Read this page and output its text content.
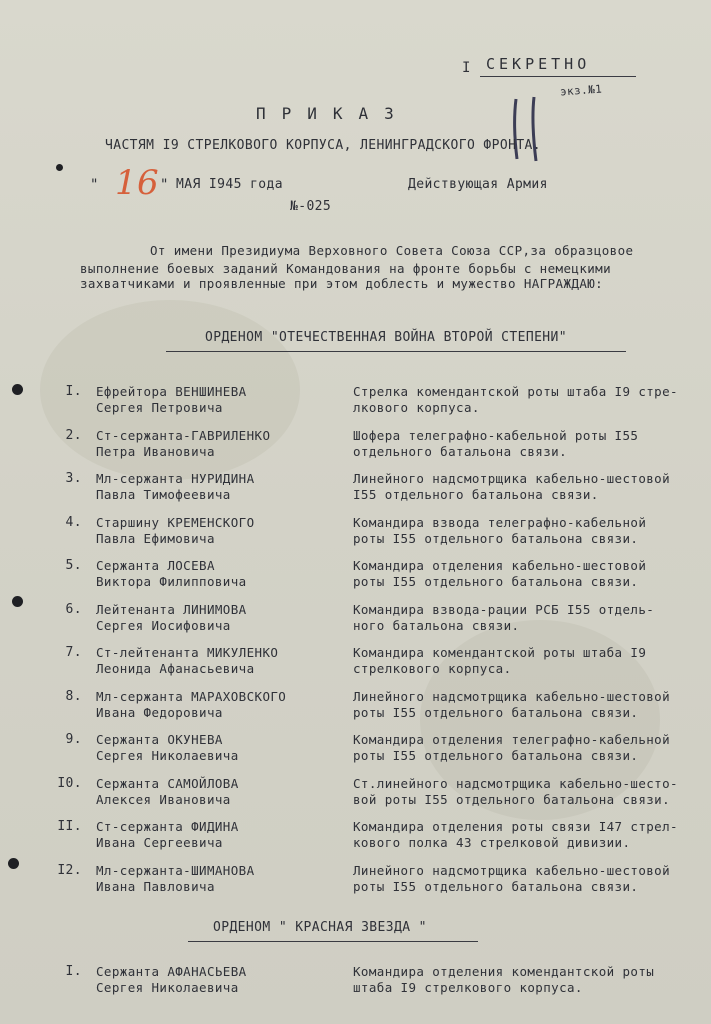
I СЕКРЕТНО
экз.№1
ПРИКАЗ
ЧАСТЯМ I9 СТРЕЛКОВОГО КОРПУСА, ЛЕНИНГРАДСКОГО ФРОНТА.
" 16 " МАЯ I945 года	Действующая Армия
№-025
От имени Президиума Верховного Совета Союза ССР,за образцовое
выполнение боевых заданий Командования на фронте борьбы с немецкими
захватчиками и проявленные при этом доблесть и мужество НАГРАЖДАЮ:
ОРДЕНОМ "ОТЕЧЕСТВЕННАЯ ВОЙНА ВТОРОЙ СТЕПЕНИ"
I. Ефрейтора ВЕНШИНЕВА
Сергея Петровича
Стрелка комендантской роты штаба I9 стре-
лкового корпуса.
2. Ст-сержанта-ГАВРИЛЕНКО
Петра Ивановича
Шофера телеграфно-кабельной роты I55
отдельного батальона связи.
3. Мл-сержанта НУРИДИНА
Павла Тимофеевича
Линейного надсмотрщика кабельно-шестовой
I55 отдельного батальона связи.
4. Старшину КРЕМЕНСКОГО
Павла Ефимовича
Командира взвода телеграфно-кабельной
роты I55 отдельного батальона связи.
5. Сержанта ЛОСЕВА
Виктора Филипповича
Командира отделения кабельно-шестовой
роты I55 отдельного батальона связи.
6. Лейтенанта ЛИНИМОВА
Сергея Иосифовича
Командира взвода-рации РСБ I55 отдель-
ного батальона связи.
7. Ст-лейтенанта МИКУЛЕНКО
Леонида Афанасьевича
Командира комендантской роты штаба I9
стрелкового корпуса.
8. Мл-сержанта МАРАХОВСКОГО
Ивана Федоровича
Линейного надсмотрщика кабельно-шестовой
роты I55 отдельного батальона связи.
9. Сержанта ОКУНЕВА
Сергея Николаевича
Командира отделения телеграфно-кабельной
роты I55 отдельного батальона связи.
I0. Сержанта САМОЙЛОВА
Алексея Ивановича
Ст.линейного надсмотрщика кабельно-шесто-
вой роты I55 отдельного батальона связи.
II. Ст-сержанта ФИДИНА
Ивана Сергеевича
Командира отделения роты связи I47 стрел-
кового полка 43 стрелковой дивизии.
I2. Мл-сержанта-ШИМАНОВА
Ивана Павловича
Линейного надсмотрщика кабельно-шестовой
роты I55 отдельного батальона связи.
ОРДЕНОМ " КРАСНАЯ ЗВЕЗДА "
I. Сержанта АФАНАСЬЕВА
Сергея Николаевича
Командира отделения комендантской роты
штаба I9 стрелкового корпуса.
